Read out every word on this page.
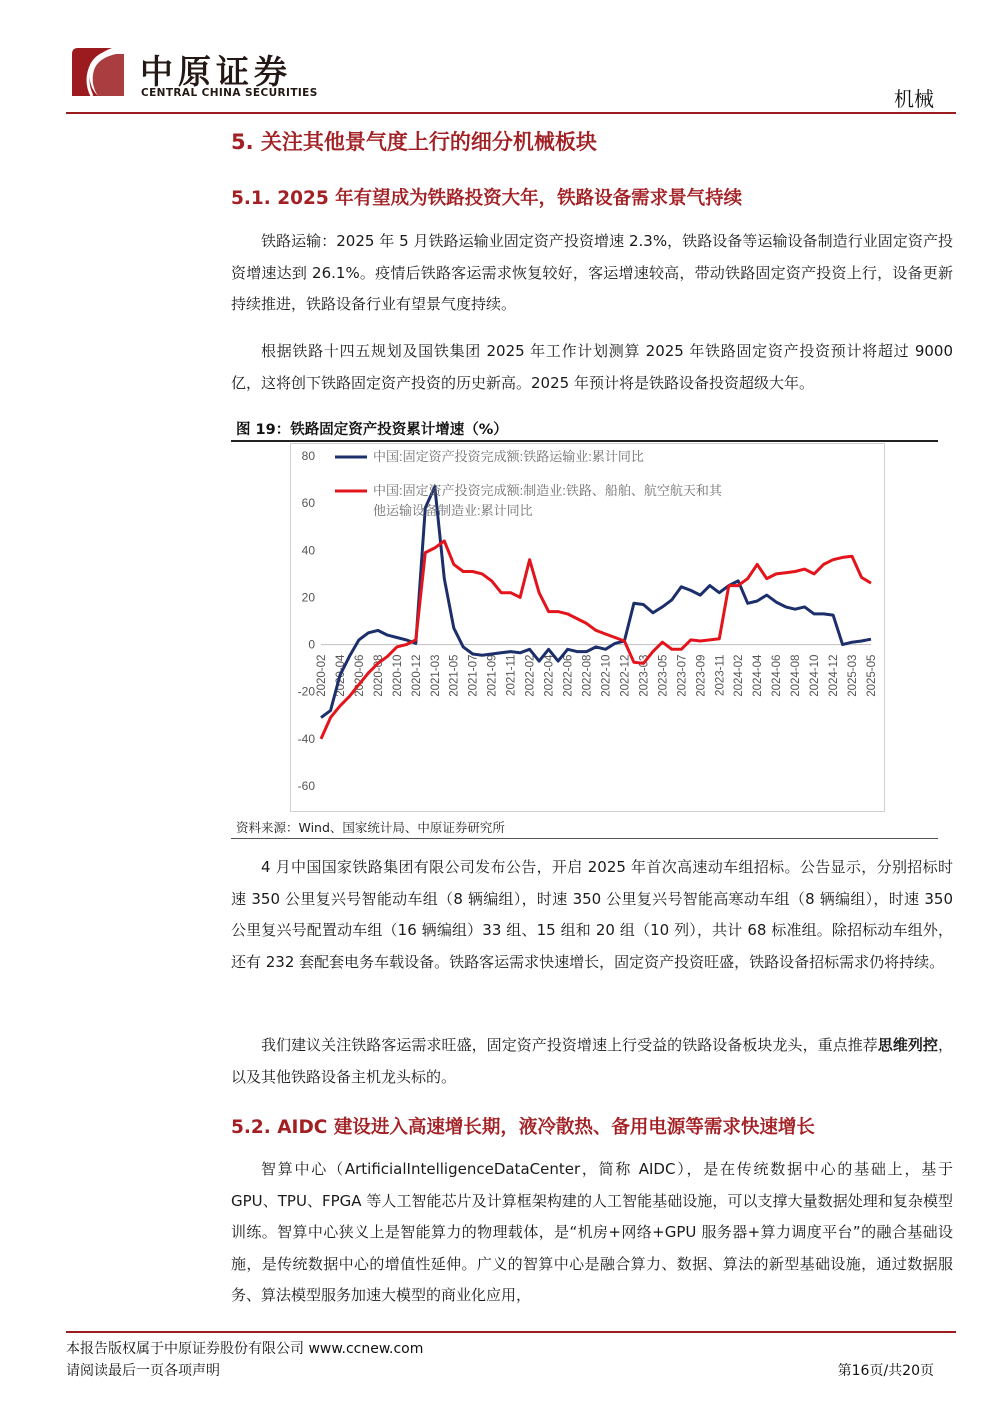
中原证券
CENTRAL CHINA SECURITIES	机械
5. 关注其他景气度上行的细分机械板块
5.1. 2025 年有望成为铁路投资大年，铁路设备需求景气持续

铁路运输：2025 年 5 月铁路运输业固定资产投资增速 2.3%，铁路设备等运输设备制造行业固定资产投资增速达到 26.1%。疫情后铁路客运需求恢复较好，客运增速较高，带动铁路固定资产投资上行，设备更新持续推进，铁路设备行业有望景气度持续。

根据铁路十四五规划及国铁集团 2025 年工作计划测算 2025 年铁路固定资产投资预计将超过 9000 亿，这将创下铁路固定资产投资的历史新高。2025 年预计将是铁路设备投资超级大年。

图 19：铁路固定资产投资累计增速（%）
-60
-40
-20
0
20
40
60
80
2020-02 2020-04 2020-06 2020-08 2020-10 2020-12 2021-03 2021-05 2021-07 2021-09 2021-11 2022-02 2022-04 2022-06 2022-08 2022-10 2022-12 2023-03 2023-05 2023-07 2023-09 2023-11 2024-02 2024-04 2024-06 2024-08 2024-10 2024-12 2025-03 2025-05
中国:固定资产投资完成额:铁路运输业:累计同比
中国:固定资产投资完成额:制造业:铁路、船舶、航空航天和其
他运输设备制造业:累计同比
资料来源：Wind、国家统计局、中原证券研究所

4 月中国国家铁路集团有限公司发布公告，开启 2025 年首次高速动车组招标。公告显示，分别招标时速 350 公里复兴号智能动车组（8 辆编组），时速 350 公里复兴号智能高寒动车组（8 辆编组），时速 350 公里复兴号配置动车组（16 辆编组）33 组、15 组和 20 组（10 列），共计 68 标准组。除招标动车组外，还有 232 套配套电务车载设备。铁路客运需求快速增长，固定资产投资旺盛，铁路设备招标需求仍将持续。

我们建议关注铁路客运需求旺盛，固定资产投资增速上行受益的铁路设备板块龙头，重点推荐思维列控，以及其他铁路设备主机龙头标的。

5.2. AIDC 建设进入高速增长期，液冷散热、备用电源等需求快速增长

智算中心（ArtificialIntelligenceDataCenter，简称 AIDC），是在传统数据中心的基础上，基于 GPU、TPU、FPGA 等人工智能芯片及计算框架构建的人工智能基础设施，可以支撑大量数据处理和复杂模型训练。智算中心狭义上是智能算力的物理载体，是“机房+网络+GPU 服务器+算力调度平台”的融合基础设施，是传统数据中心的增值性延伸。广义的智算中心是融合算力、数据、算法的新型基础设施，通过数据服务、算法模型服务加速大模型的商业化应用，

本报告版权属于中原证券股份有限公司 www.ccnew.com
请阅读最后一页各项声明	第16页/共20页
